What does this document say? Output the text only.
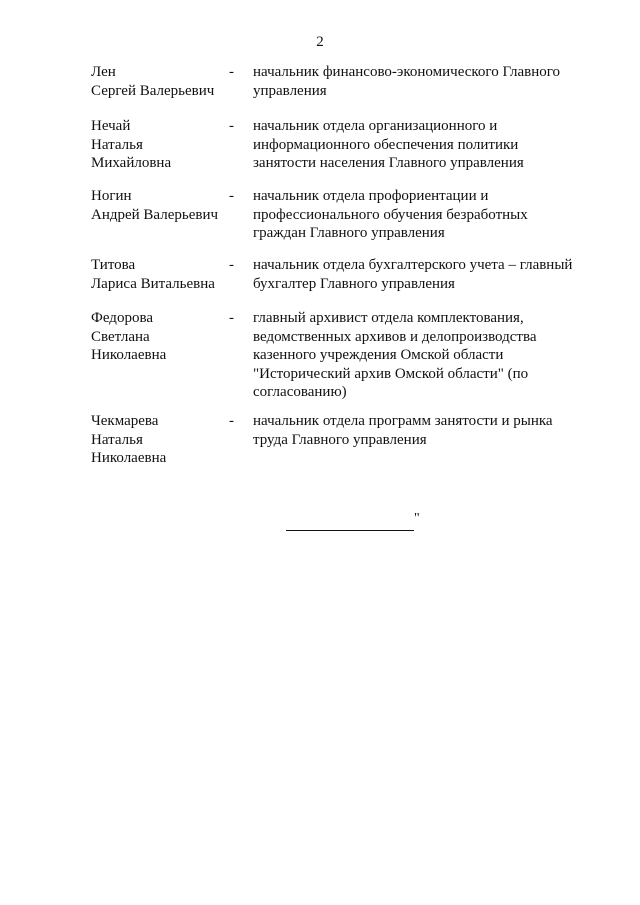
2
Лен
Сергей Валерьевич
- начальник финансово-экономического Главного
управления
Нечай
Наталья
Михайловна
- начальник отдела организационного и
информационного обеспечения политики
занятости населения Главного управления
Ногин
Андрей Валерьевич
- начальник отдела профориентации и
профессионального обучения безработных
граждан Главного управления
Титова
Лариса Витальевна
- начальник отдела бухгалтерского учета – главный
бухгалтер Главного управления
Федорова
Светлана
Николаевна
- главный архивист отдела комплектования,
ведомственных архивов и делопроизводства
казенного учреждения Омской области
"Исторический архив Омской области" (по
согласованию)
Чекмарева
Наталья
Николаевна
- начальник отдела программ занятости и рынка
труда Главного управления
"
